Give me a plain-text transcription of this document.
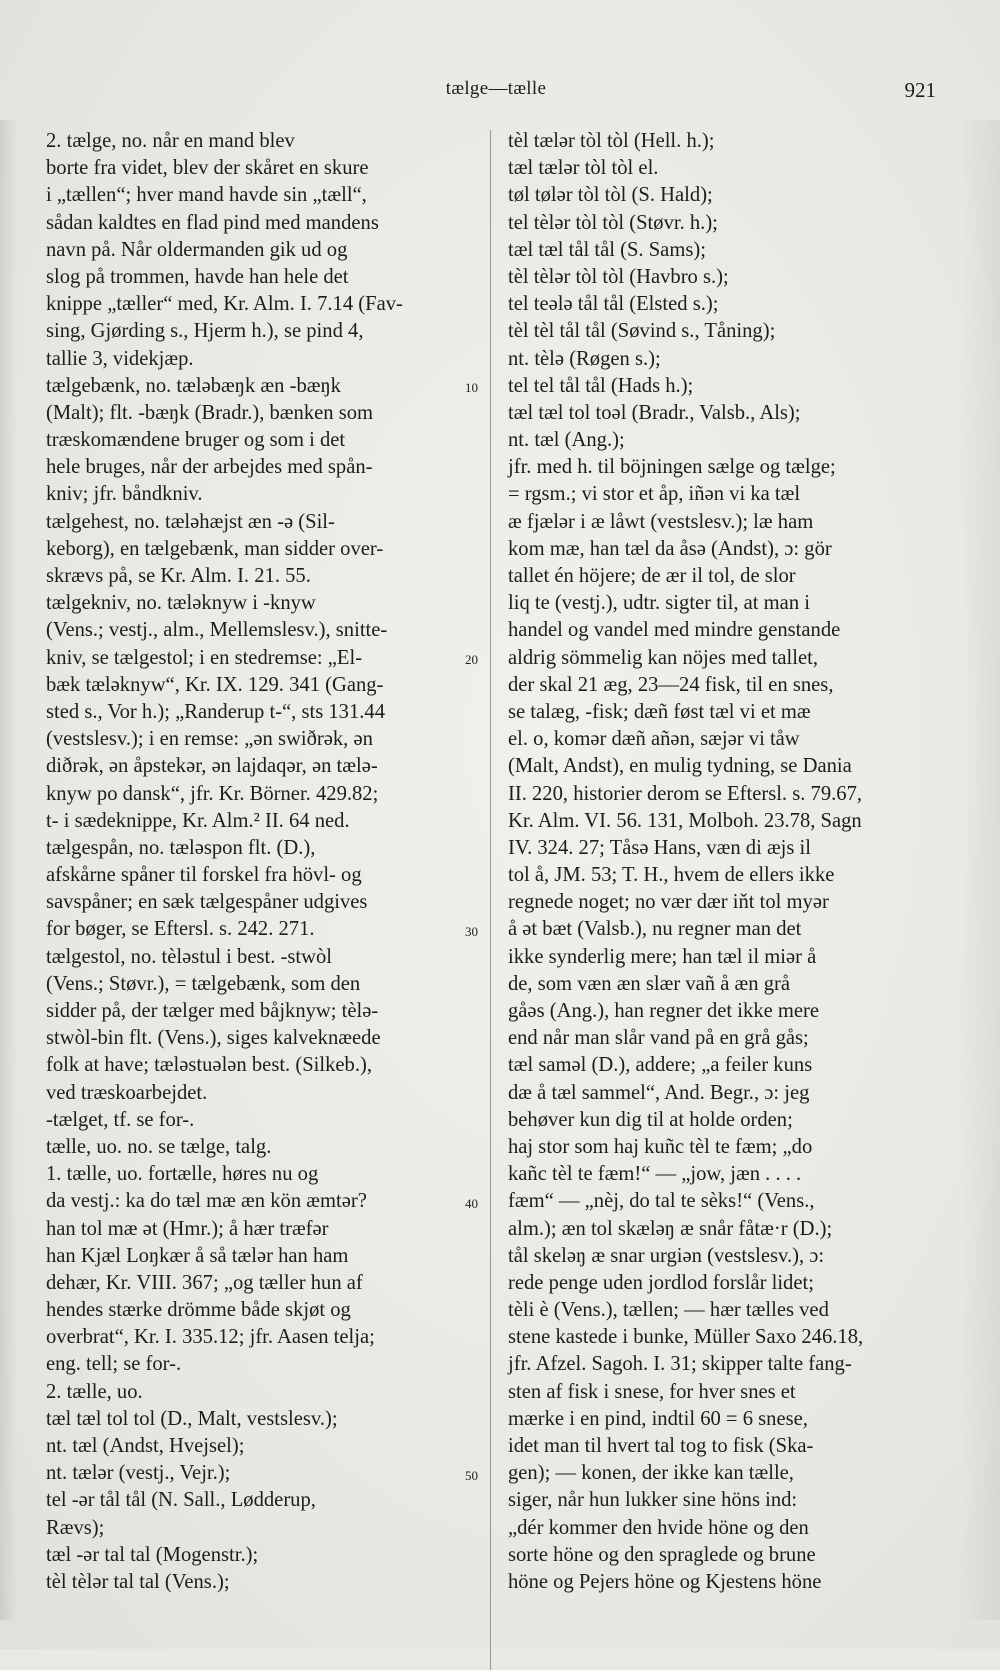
tælge—tælle	921
2. tælge, no. når en mand blev
borte fra videt, blev der skåret en skure
i „tællen“; hver mand havde sin „tæll“,
sådan kaldtes en flad pind med mandens
navn på. Når oldermanden gik ud og
slog på trommen, havde han hele det
knippe „tæller“ med, Kr. Alm. I. 7.14 (Fav-
sing, Gjørding s., Hjerm h.), se pind 4,
tallie 3, videkjæp.
tælgebænk, no. tæləbæŋk æn -bæŋk
(Malt); flt. -bæŋk (Bradr.), bænken som
træskomændene bruger og som i det
hele bruges, når der arbejdes med spån-
kniv; jfr. båndkniv.
tælgehest, no. tæləhæjst æn -ə (Sil-
keborg), en tælgebænk, man sidder over-
skrævs på, se Kr. Alm. I. 21. 55.
tælgekniv, no. tæləknyw i -knyw
(Vens.; vestj., alm., Mellemslesv.), snitte-
kniv, se tælgestol; i en stedremse: „El-
bæk tæləknyw“, Kr. IX. 129. 341 (Gang-
sted s., Vor h.); „Randerup t-“, sts 131.44
(vestslesv.); i en remse: „ən swiðrək, ən
diðrək, ən åpstekər, ən lajdaqər, ən tælə-
knyw po dansk“, jfr. Kr. Börner. 429.82;
t- i sædeknippe, Kr. Alm.² II. 64 ned.
tælgespån, no. tæləspon flt. (D.),
afskårne spåner til forskel fra hövl- og
savspåner; en sæk tælgespåner udgives
for bøger, se Eftersl. s. 242. 271.
tælgestol, no. tèləstul i best. -stwòl
(Vens.; Støvr.), = tælgebænk, som den
sidder på, der tælger med båjknyw; tèlə-
stwòl-bin flt. (Vens.), siges kalveknæede
folk at have; tæləstuələn best. (Silkeb.),
ved træskoarbejdet.
-tælget, tf. se for-.
tælle, uo. no. se tælge, talg.
1. tælle, uo. fortælle, høres nu og
da vestj.: ka do tæl mæ æn kön æmtər?
han tol mæ ət (Hmr.); å hær træfər
han Kjæl Loŋkær å så tælər han ham
dehær, Kr. VIII. 367; „og tæller hun af
hendes stærke drömme både skjøt og
overbrat“, Kr. I. 335.12; jfr. Aasen telja;
eng. tell; se for-.
2. tælle, uo.
tæl tæl tol tol (D., Malt, vestslesv.);
nt. tæl (Andst, Hvejsel);
nt. tælər (vestj., Vejr.);
tel -ər tål tål (N. Sall., Lødderup,
Rævs);
tæl -ər tal tal (Mogenstr.);
tèl tèlər tal tal (Vens.);
10
20
30
40
50
tèl tælər tòl tòl (Hell. h.);
tæl tælər tòl tòl el.
tøl tølər tòl tòl (S. Hald);
tel tèlər tòl tòl (Støvr. h.);
tæl tæl tål tål (S. Sams);
tèl tèlər tòl tòl (Havbro s.);
tel teələ tål tål (Elsted s.);
tèl tèl tål tål (Søvind s., Tåning);
nt. tèlə (Røgen s.);
tel tel tål tål (Hads h.);
tæl tæl tol toəl (Bradr., Valsb., Als);
nt. tæl (Ang.);
jfr. med h. til böjningen sælge og tælge;
= rgsm.; vi stor et åp, iñən vi ka tæl
æ fjælər i æ låwt (vestslesv.); læ ham
kom mæ, han tæl da åsə (Andst), ɔ: gör
tallet én höjere; de ær il tol, de slor
liq te (vestj.), udtr. sigter til, at man i
handel og vandel med mindre genstande
aldrig sömmelig kan nöjes med tallet,
der skal 21 æg, 23—24 fisk, til en snes,
se talæg, -fisk; dæñ føst tæl vi et mæ
el. o, komər dæñ añən, sæjər vi tåw
(Malt, Andst), en mulig tydning, se Dania
II. 220, historier derom se Eftersl. s. 79.67,
Kr. Alm. VI. 56. 131, Molboh. 23.78, Sagn
IV. 324. 27; Tåsə Hans, væn di æjs il
tol å, JM. 53; T. H., hvem de ellers ikke
regnede noget; no vær dær iňt tol myər
å ət bæt (Valsb.), nu regner man det
ikke synderlig mere; han tæl il miər å
de, som væn æn slær vañ å æn grå
gåəs (Ang.), han regner det ikke mere
end når man slår vand på en grå gås;
tæl saməl (D.), addere; „a feiler kuns
dæ å tæl sammel“, And. Begr., ɔ: jeg
behøver kun dig til at holde orden;
haj stor som haj kuñc tèl te fæm; „do
kañc tèl te fæm!“ — „jow, jæn . . . .
fæm“ — „nèj, do tal te sèks!“ (Vens.,
alm.); æn tol skæləŋ æ snår fåtæ·r (D.);
tål skeləŋ æ snar urgiən (vestslesv.), ɔ:
rede penge uden jordlod forslår lidet;
tèli è (Vens.), tællen; — hær tælles ved
stene kastede i bunke, Müller Saxo 246.18,
jfr. Afzel. Sagoh. I. 31; skipper talte fang-
sten af fisk i snese, for hver snes et
mærke i en pind, indtil 60 = 6 snese,
idet man til hvert tal tog to fisk (Ska-
gen); — konen, der ikke kan tælle,
siger, når hun lukker sine höns ind:
„dér kommer den hvide höne og den
sorte höne og den spraglede og brune
höne og Pejers höne og Kjestens höne
